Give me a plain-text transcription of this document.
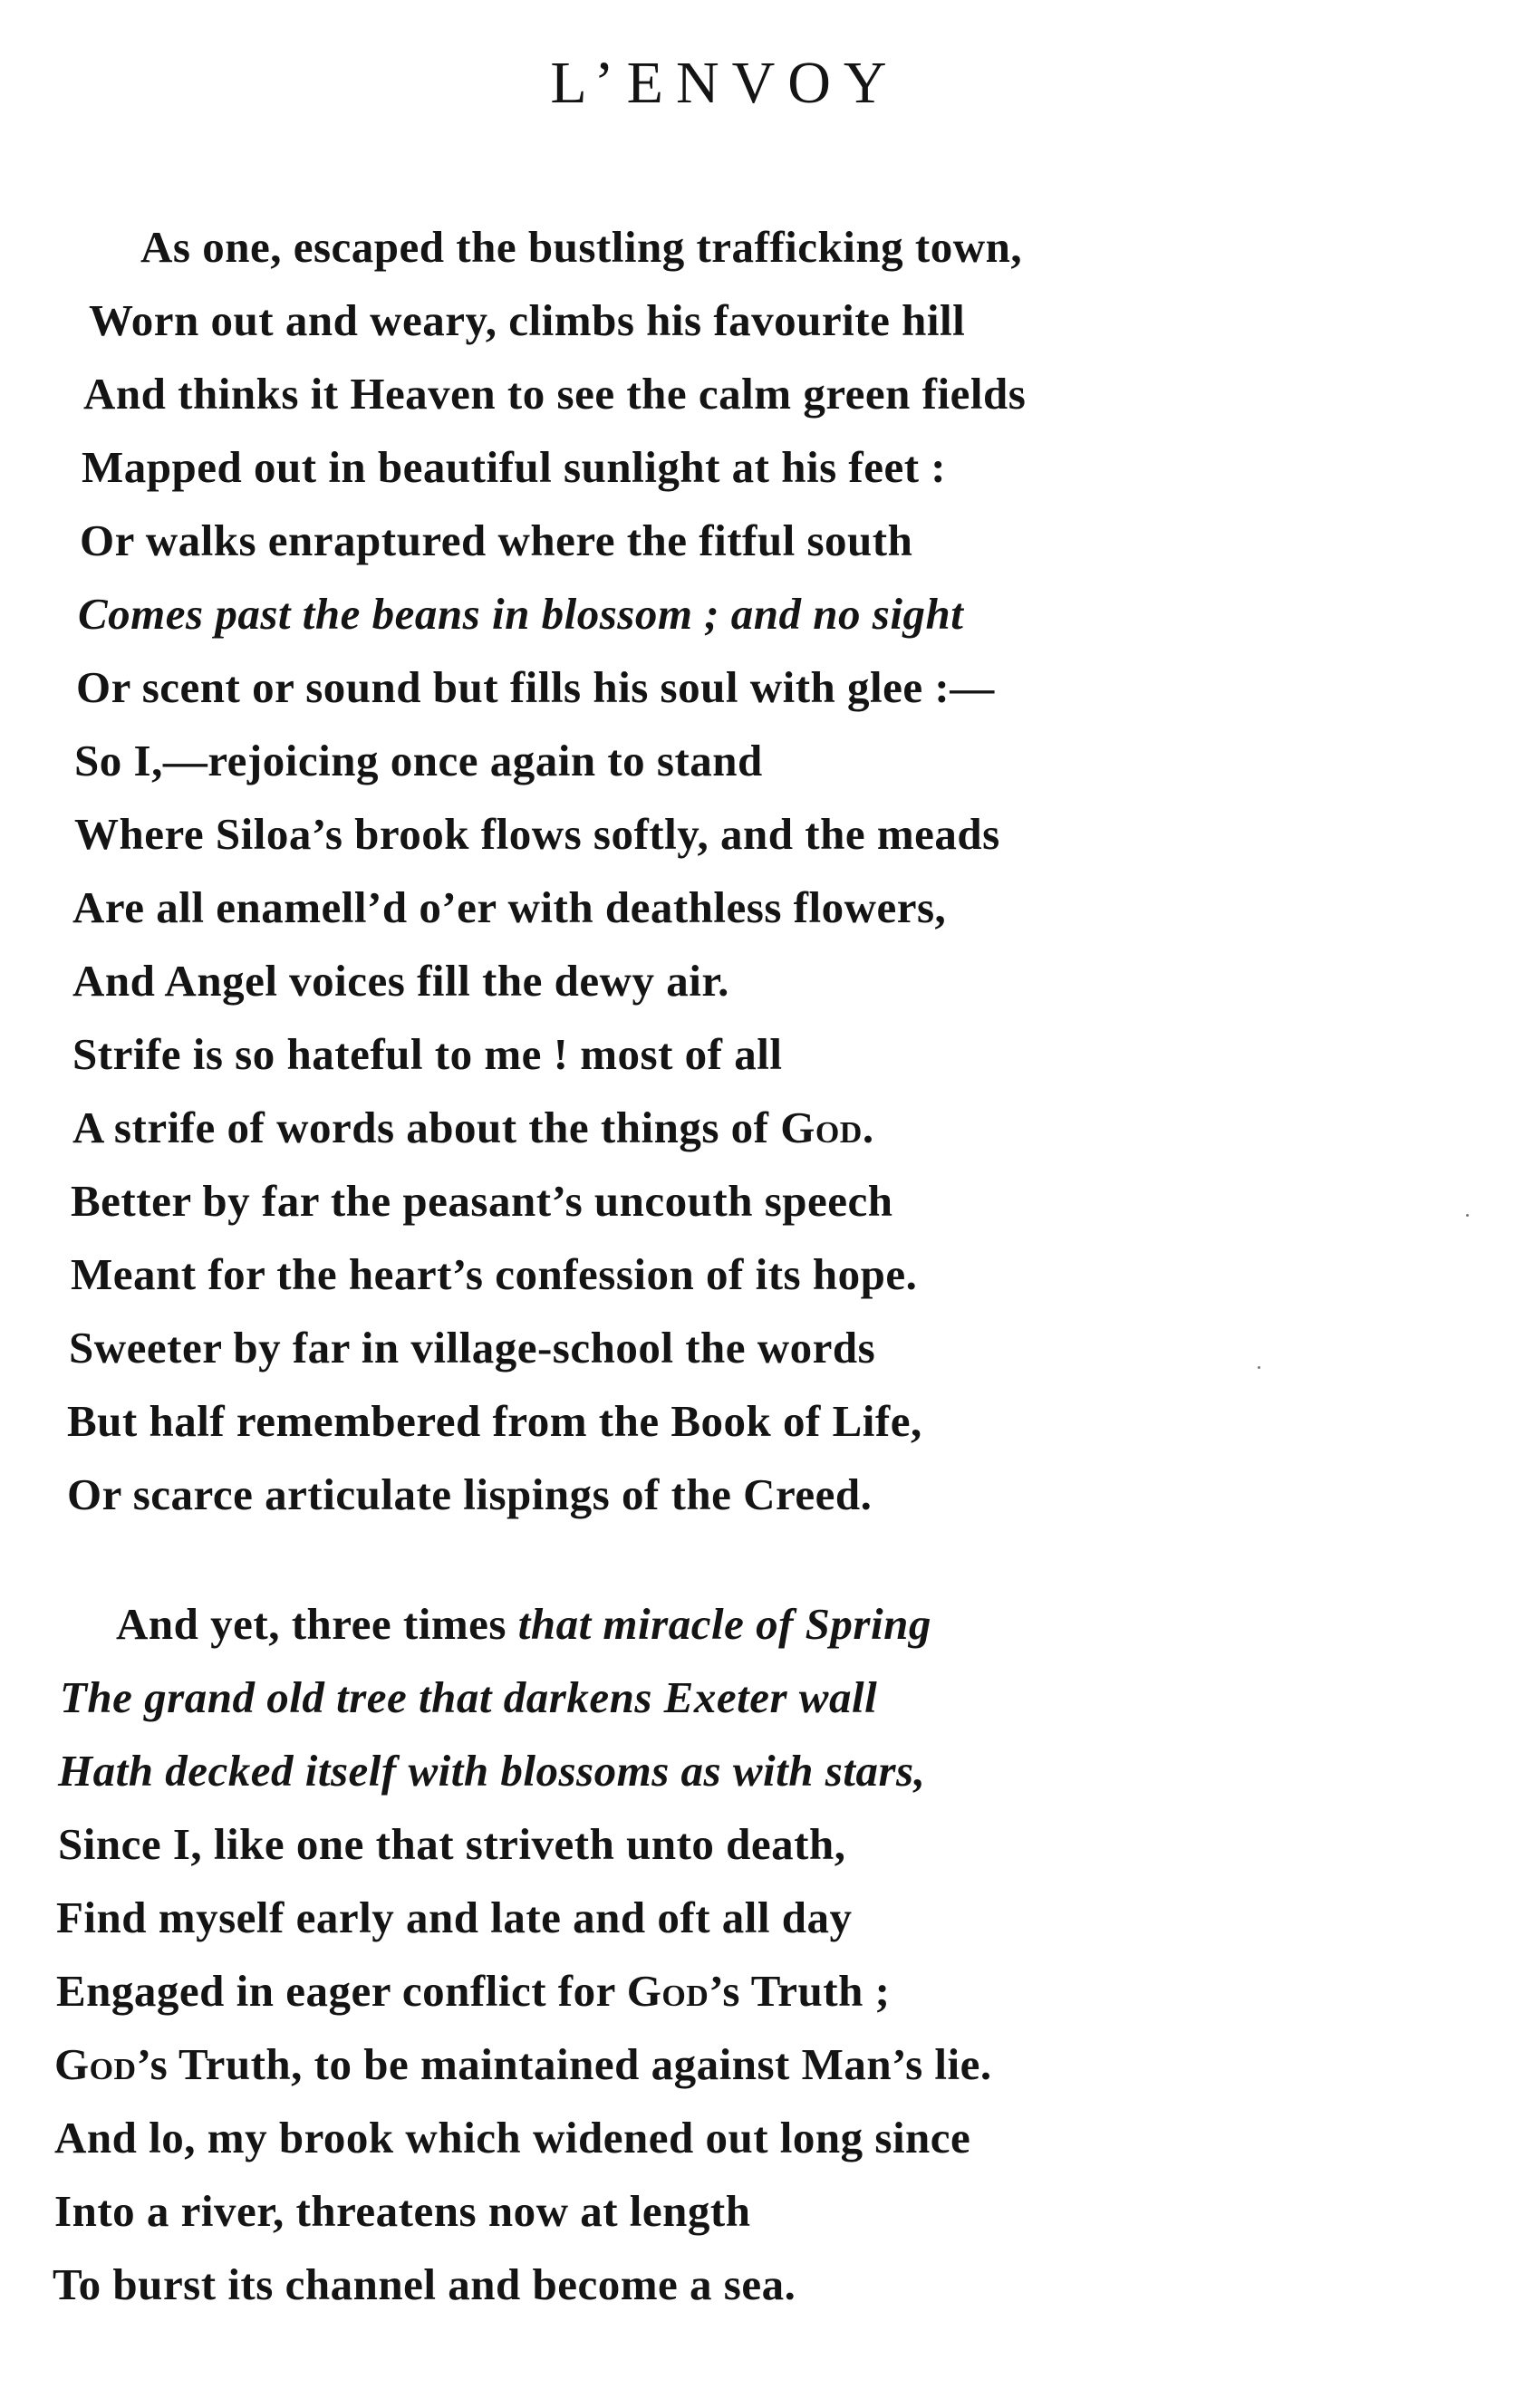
L’ENVOY
As one, escaped the bustling trafficking town,
Worn out and weary, climbs his favourite hill
And thinks it Heaven to see the calm green fields
Mapped out in beautiful sunlight at his feet :
Or walks enraptured where the fitful south
Comes past the beans in blossom ; and no sight
Or scent or sound but fills his soul with glee :—
So I,—rejoicing once again to stand
Where Siloa’s brook flows softly, and the meads
Are all enamell’d o’er with deathless flowers,
And Angel voices fill the dewy air.
Strife is so hateful to me ! most of all
A strife of words about the things of God.
Better by far the peasant’s uncouth speech
Meant for the heart’s confession of its hope.
Sweeter by far in village-school the words
But half remembered from the Book of Life,
Or scarce articulate lispings of the Creed.
And yet, three times that miracle of Spring
The grand old tree that darkens Exeter wall
Hath decked itself with blossoms as with stars,
Since I, like one that striveth unto death,
Find myself early and late and oft all day
Engaged in eager conflict for God’s Truth ;
God’s Truth, to be maintained against Man’s lie.
And lo, my brook which widened out long since
Into a river, threatens now at length
To burst its channel and become a sea.
